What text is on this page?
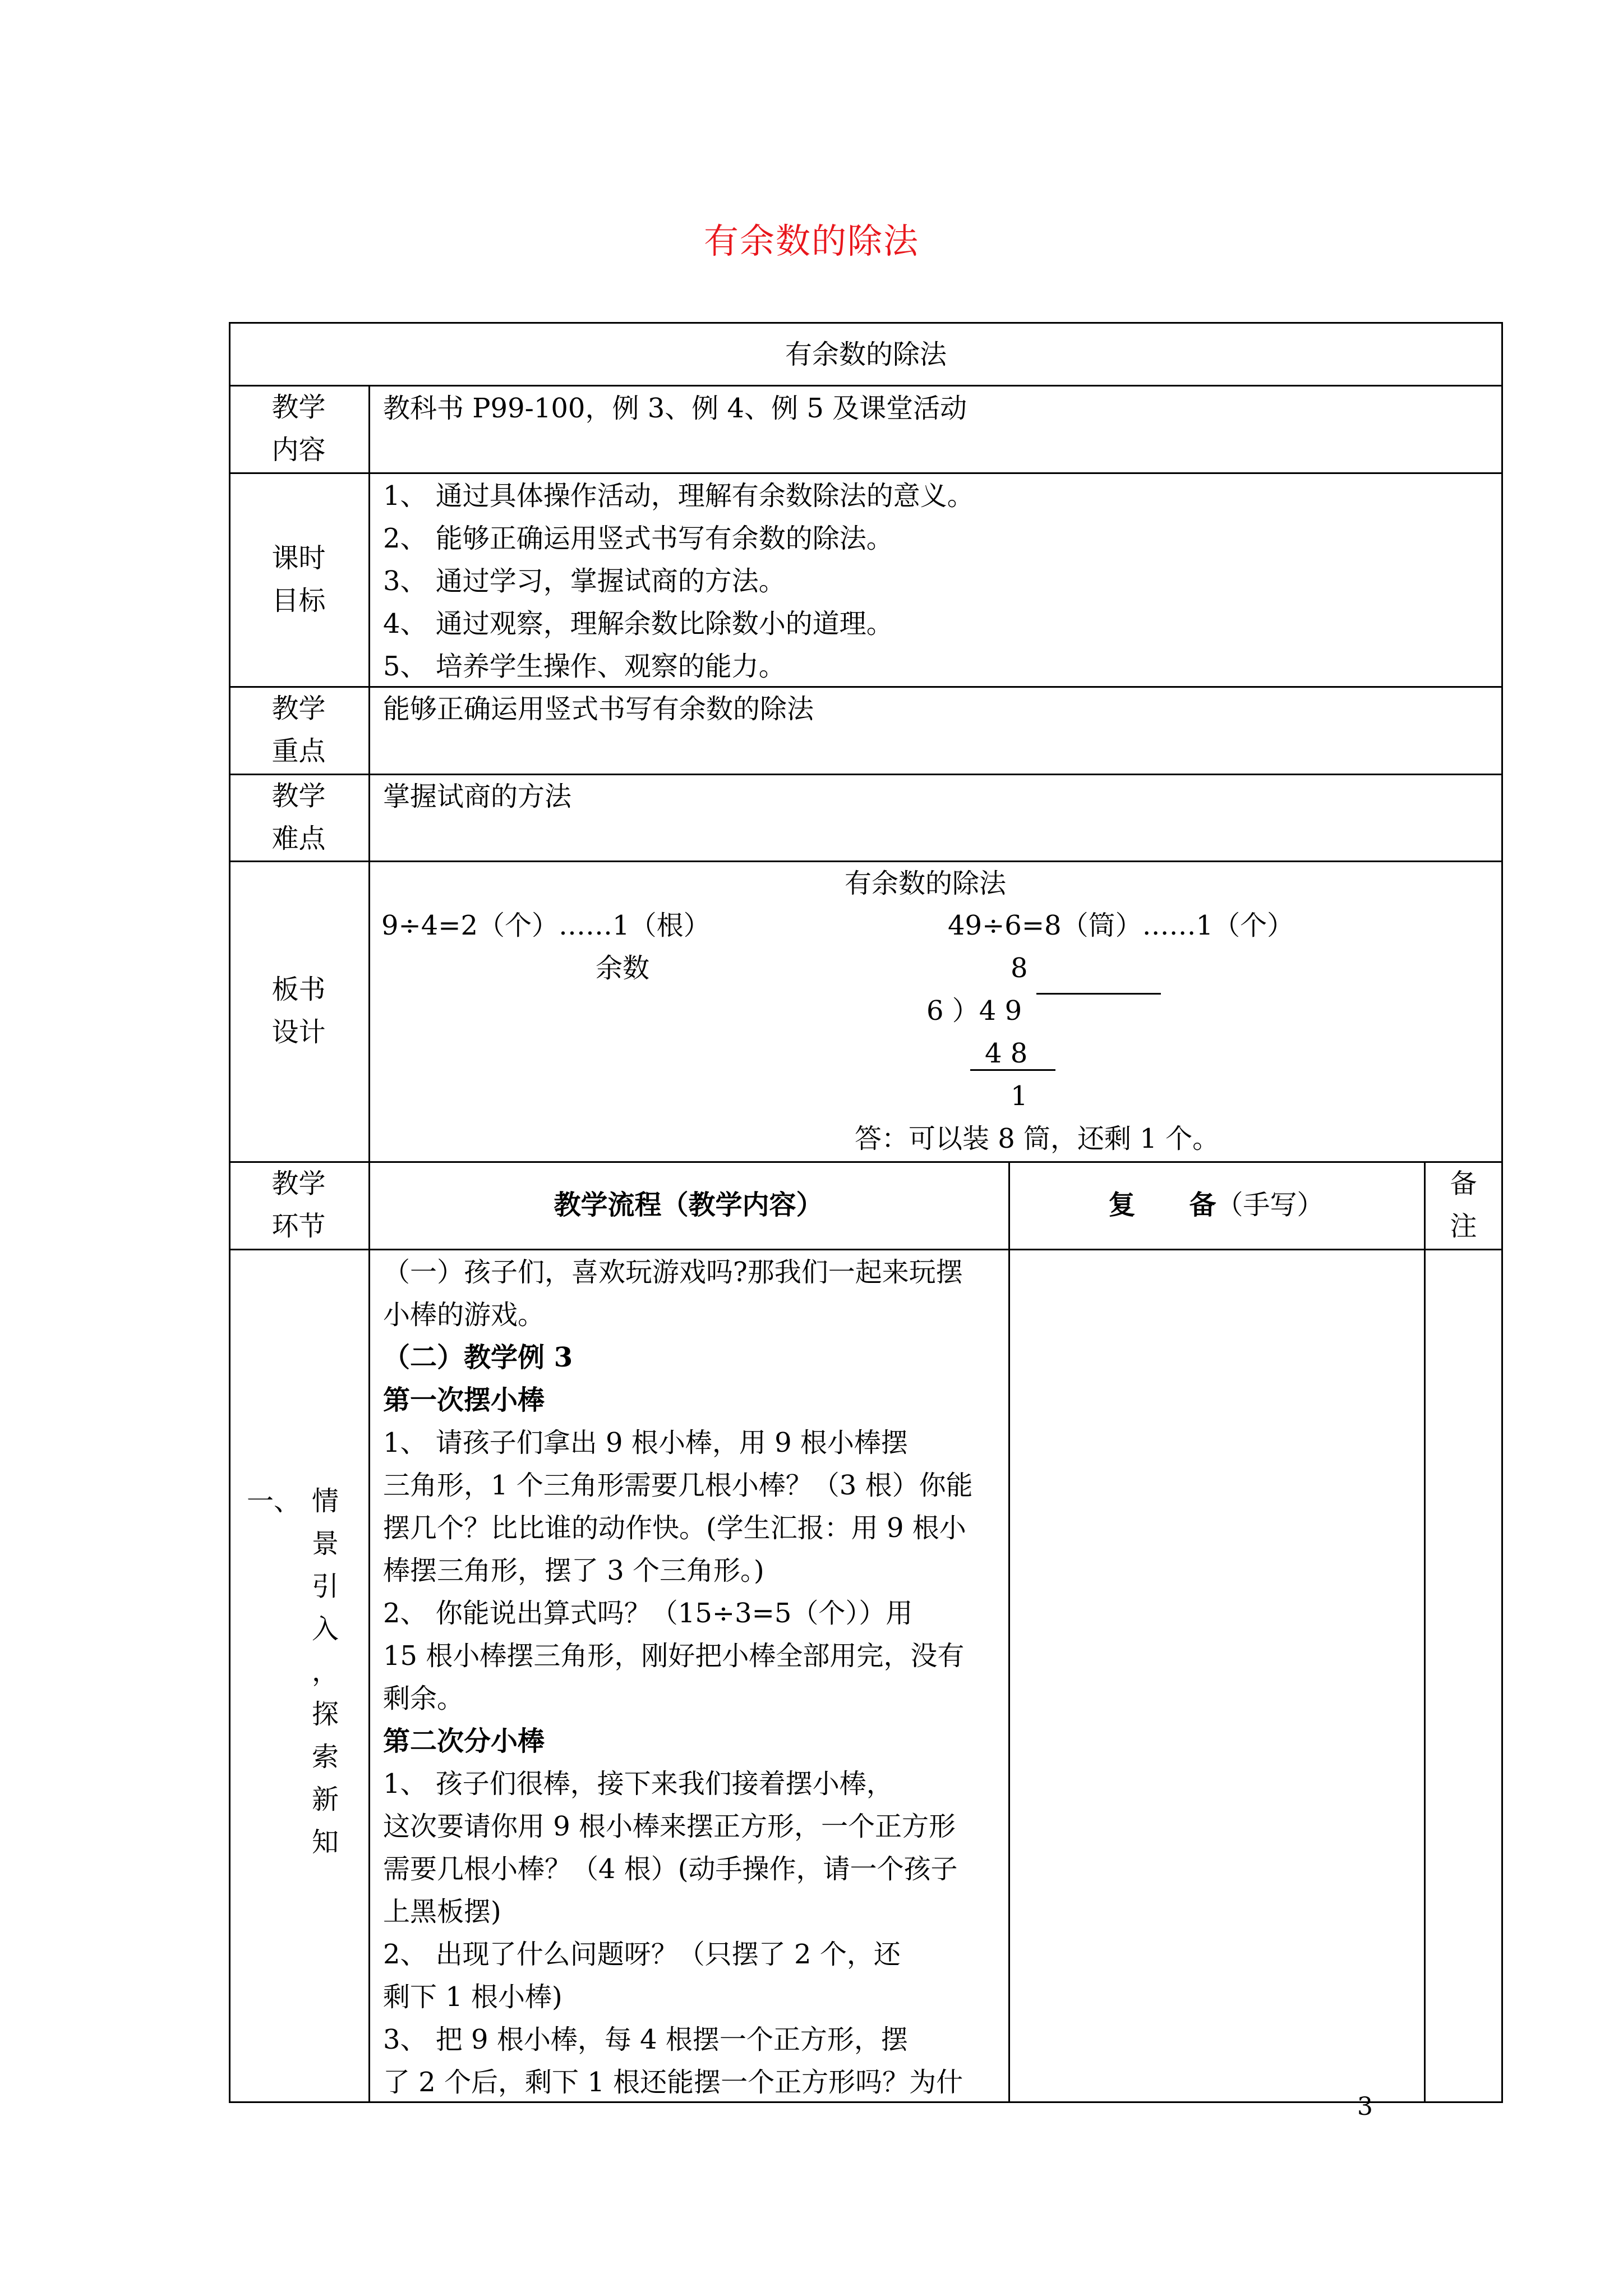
有余数的除法
有余数的除法
教学
内容
教科书 P99-100，例 3、例 4、例 5 及课堂活动
课时
目标
1、 通过具体操作活动，理解有余数除法的意义。
2、 能够正确运用竖式书写有余数的除法。
3、 通过学习，掌握试商的方法。
4、 通过观察，理解余数比除数小的道理。
5、 培养学生操作、观察的能力。
教学
重点
能够正确运用竖式书写有余数的除法
教学
难点
掌握试商的方法
板书
设计
有余数的除法
9÷4=2（个）……1（根）
余数
49÷6=8（筒）……1（个）
8
6 ）4 9
4 8
1
答：可以装 8 筒，还剩 1 个。
教学
环节
教学流程（教学内容）	复　　备（手写）
备
注
一、 情
景
引
入
，
探
索
新
知
（一）孩子们，喜欢玩游戏吗?那我们一起来玩摆
小棒的游戏。
（二）教学例 3
第一次摆小棒
1、 请孩子们拿出 9 根小棒，用 9 根小棒摆
三角形，1 个三角形需要几根小棒？（3 根）你能
摆几个？比比谁的动作快。(学生汇报：用 9 根小
棒摆三角形，摆了 3 个三角形。)
2、 你能说出算式吗？（15÷3=5（个））用
15 根小棒摆三角形，刚好把小棒全部用完，没有
剩余。
第二次分小棒
1、 孩子们很棒，接下来我们接着摆小棒，
这次要请你用 9 根小棒来摆正方形，一个正方形
需要几根小棒？（4 根）(动手操作，请一个孩子
上黑板摆)
2、 出现了什么问题呀？（只摆了 2 个，还
剩下 1 根小棒)
3、 把 9 根小棒，每 4 根摆一个正方形，摆
了 2 个后，剩下 1 根还能摆一个正方形吗？为什
3
